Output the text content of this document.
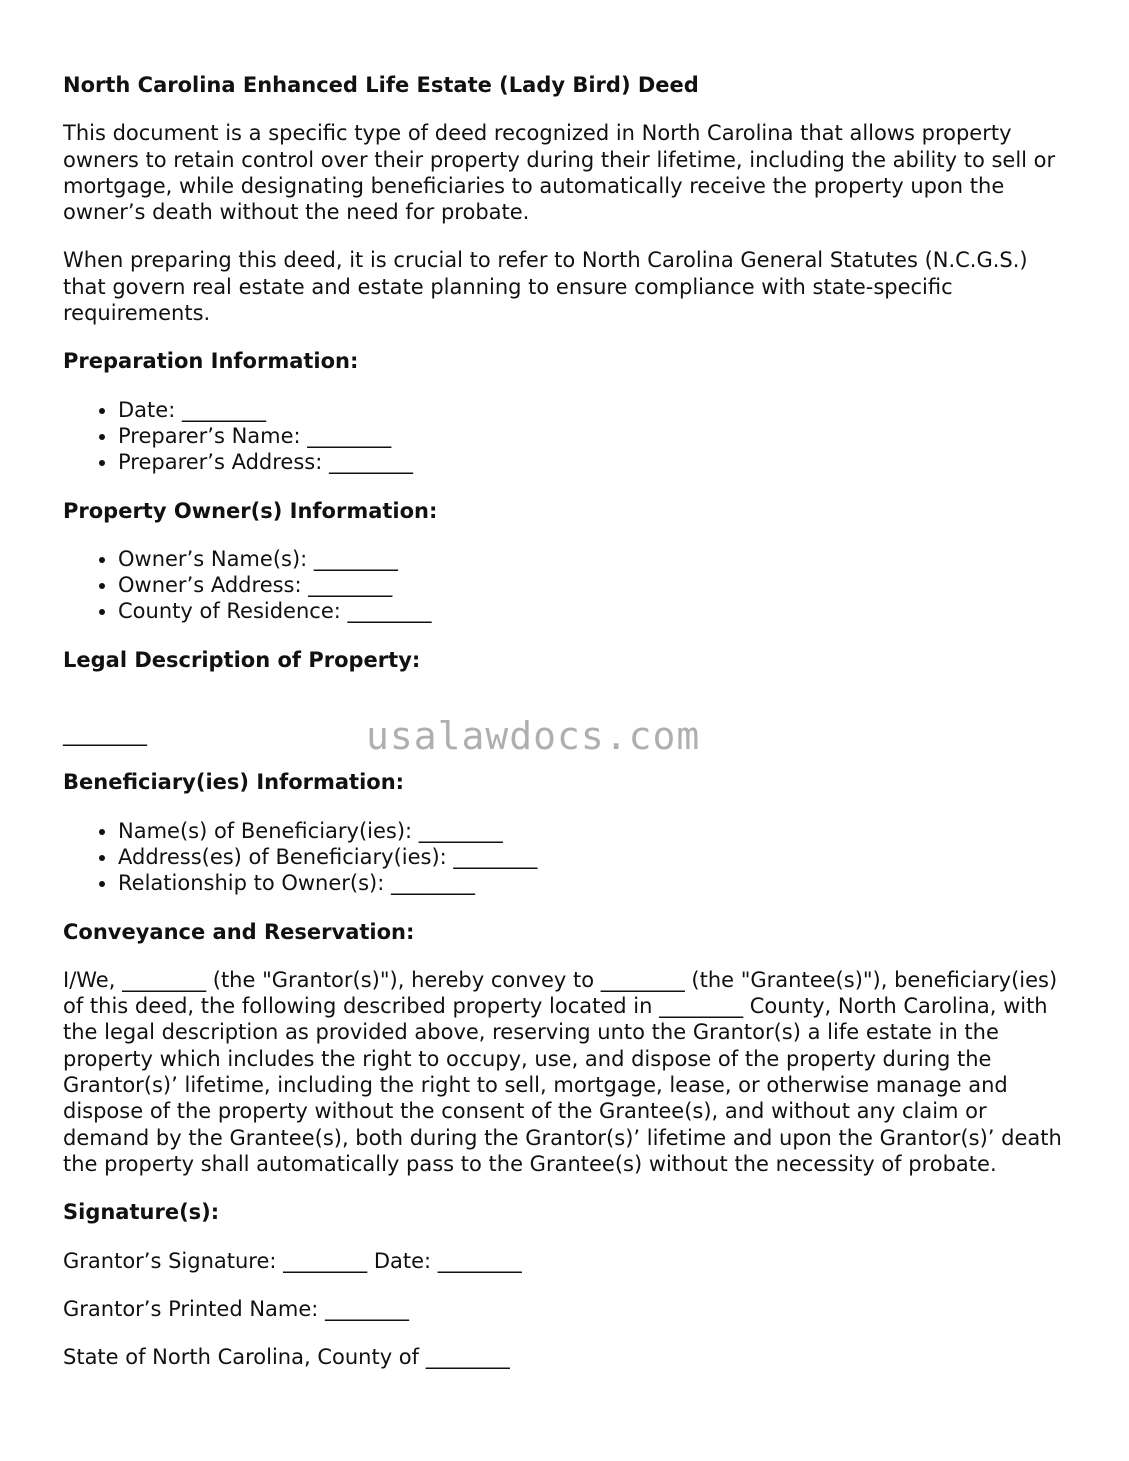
North Carolina Enhanced Life Estate (Lady Bird) Deed

This document is a specific type of deed recognized in North Carolina that allows property owners to retain control over their property during their lifetime, including the ability to sell or mortgage, while designating beneficiaries to automatically receive the property upon the owner’s death without the need for probate.

When preparing this deed, it is crucial to refer to North Carolina General Statutes (N.C.G.S.) that govern real estate and estate planning to ensure compliance with state-specific requirements.

Preparation Information:
• Date: ________
• Preparer’s Name: ________
• Preparer’s Address: ________
Property Owner(s) Information:
• Owner’s Name(s): ________
• Owner’s Address: ________
• County of Residence: ________
Legal Description of Property:

________

Beneficiary(ies) Information:
• Name(s) of Beneficiary(ies): ________
• Address(es) of Beneficiary(ies): ________
• Relationship to Owner(s): ________
Conveyance and Reservation:

I/We, ________ (the "Grantor(s)"), hereby convey to ________ (the "Grantee(s)"), beneficiary(ies) of this deed, the following described property located in ________ County, North Carolina, with the legal description as provided above, reserving unto the Grantor(s) a life estate in the property which includes the right to occupy, use, and dispose of the property during the Grantor(s)’ lifetime, including the right to sell, mortgage, lease, or otherwise manage and dispose of the property without the consent of the Grantee(s), and without any claim or demand by the Grantee(s), both during the Grantor(s)’ lifetime and upon the Grantor(s)’ death the property shall automatically pass to the Grantee(s) without the necessity of probate.

Signature(s):

Grantor’s Signature: ________ Date: ________

Grantor’s Printed Name: ________

State of North Carolina, County of ________

usalawdocs.com
